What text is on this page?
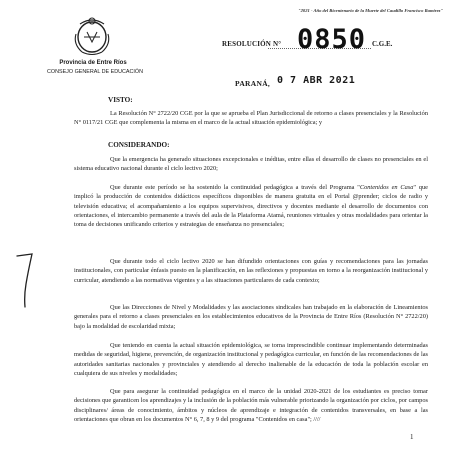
"2021 - Año del Bicentenario de la Muerte del Caudillo Francisco Ramírez"
Provincia de Entre Ríos
CONSEJO GENERAL DE EDUCACIÓN
RESOLUCIÓN N° 0850 C.G.E.
PARANÁ, 0 7 ABR 2021
VISTO:
La Resolución N° 2722/20 CGE por la que se aprueba el Plan Jurisdiccional de retorno a clases presenciales y la Resolución N° 0117/21 CGE que complementa la misma en el marco de la actual situación epidemiológica; y
CONSIDERANDO:
Que la emergencia ha generado situaciones excepcionales e inéditas, entre ellas el desarrollo de clases no presenciales en el sistema educativo nacional durante el ciclo lectivo 2020;
Que durante este período se ha sostenido la continuidad pedagógica a través del Programa "Contenidos en Casa" que implicó la producción de contenidos didácticos específicos disponibles de manera gratuita en el Portal @prender; ciclos de radio y televisión educativa; el acompañamiento a los equipos supervisivos, directivos y docentes mediante el desarrollo de documentos con orientaciones, el intercambio permanente a través del aula de la Plataforma Atamá, reuniones virtuales y otras modalidades para orientar la toma de decisiones unificando criterios y estrategias de enseñanza no presenciales;
Que durante todo el ciclo lectivo 2020 se han difundido orientaciones con guías y recomendaciones para las jornadas institucionales, con particular énfasis puesto en la planificación, en las reflexiones y propuestas en torno a la reorganización institucional y curricular, atendiendo a las normativas vigentes y a las situaciones particulares de cada contexto;
Que las Direcciones de Nivel y Modalidades y las asociaciones sindicales han trabajado en la elaboración de Lineamientos generales para el retorno a clases presenciales en los establecimientos educativos de la Provincia de Entre Ríos (Resolución N° 2722/20) bajo la modalidad de escolaridad mixta;
Que teniendo en cuenta la actual situación epidemiológica, se torna imprescindible continuar implementando determinadas medidas de seguridad, higiene, prevención, de organización institucional y pedagógica curricular, en función de las recomendaciones de las autoridades sanitarias nacionales y provinciales y atendiendo al derecho inalienable de la educación de toda la población escolar en cualquiera de sus niveles y modalidades;
Que para asegurar la continuidad pedagógica en el marco de la unidad 2020-2021 de los estudiantes es preciso tomar decisiones que garanticen los aprendizajes y la inclusión de la población más vulnerable priorizando la organización por ciclos, por campos disciplinares/ áreas de conocimiento, ámbitos y núcleos de aprendizaje e integración de contenidos transversales, en base a las orientaciones que obran en los documentos N° 6, 7, 8 y 9 del programa "Contenidos en casa"; ////
1
